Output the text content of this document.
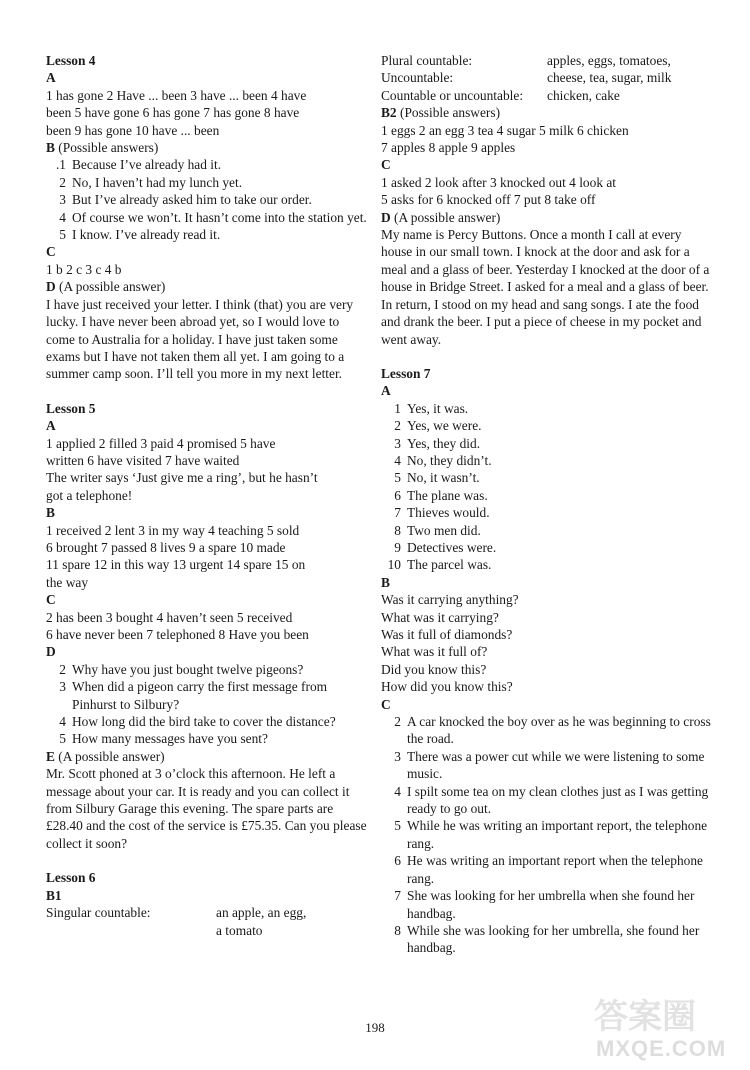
Lesson 4

A
1 has gone 2 Have ... been 3 have ... been 4 have
been 5 have gone 6 has gone 7 has gone 8 have
been 9 has gone 10 have ... been
B (Possible answers)
.1 Because I’ve already had it.
2 No, I haven’t had my lunch yet.
3 But I’ve already asked him to take our order.
4 Of course we won’t. It hasn’t come into the station yet.
5 I know. I’ve already read it.
C
1 b 2 c 3 c 4 b
D (A possible answer)
I have just received your letter. I think (that) you are very lucky. I have never been abroad yet, so I would love to come to Australia for a holiday. I have just taken some exams but I have not taken them all yet. I am going to a summer camp soon. I’ll tell you more in my next letter.

Lesson 5

A
1 applied 2 filled 3 paid 4 promised 5 have
written 6 have visited 7 have waited
The writer says ‘Just give me a ring’, but he hasn’t
got a telephone!
B
1 received 2 lent 3 in my way 4 teaching 5 sold
6 brought 7 passed 8 lives 9 a spare 10 made
11 spare 12 in this way 13 urgent 14 spare 15 on
the way
C
2 has been 3 bought 4 haven’t seen 5 received
6 have never been 7 telephoned 8 Have you been
D
2 Why have you just bought twelve pigeons?
3 When did a pigeon carry the first message from Pinhurst to Silbury?
4 How long did the bird take to cover the distance?
5 How many messages have you sent?
E (A possible answer)
Mr. Scott phoned at 3 o’clock this afternoon. He left a message about your car. It is ready and you can collect it from Silbury Garage this evening. The spare parts are £28.40 and the cost of the service is £75.35. Can you please collect it soon?

Lesson 6

B1
Singular countable:	an apple, an egg,
a tomato
Plural countable:	apples, eggs, tomatoes,
Uncountable:	cheese, tea, sugar, milk
Countable or uncountable:	chicken, cake
B2 (Possible answers)
1 eggs 2 an egg 3 tea 4 sugar 5 milk 6 chicken
7 apples 8 apple 9 apples
C
1 asked 2 look after 3 knocked out 4 look at
5 asks for 6 knocked off 7 put 8 take off
D (A possible answer)
My name is Percy Buttons. Once a month I call at every house in our small town. I knock at the door and ask for a meal and a glass of beer. Yesterday I knocked at the door of a house in Bridge Street. I asked for a meal and a glass of beer. In return, I stood on my head and sang songs. I ate the food and drank the beer. I put a piece of cheese in my pocket and went away.

Lesson 7

A
1 Yes, it was.
2 Yes, we were.
3 Yes, they did.
4 No, they didn’t.
5 No, it wasn’t.
6 The plane was.
7 Thieves would.
8 Two men did.
9 Detectives were.
10 The parcel was.
B
Was it carrying anything?
What was it carrying?
Was it full of diamonds?
What was it full of?
Did you know this?
How did you know this?
C
2 A car knocked the boy over as he was beginning to cross the road.
3 There was a power cut while we were listening to some music.
4 I spilt some tea on my clean clothes just as I was getting ready to go out.
5 While he was writing an important report, the telephone rang.
6 He was writing an important report when the telephone rang.
7 She was looking for her umbrella when she found her handbag.
8 While she was looking for her umbrella, she found her handbag.
198	答案圈
MXQE.COM
